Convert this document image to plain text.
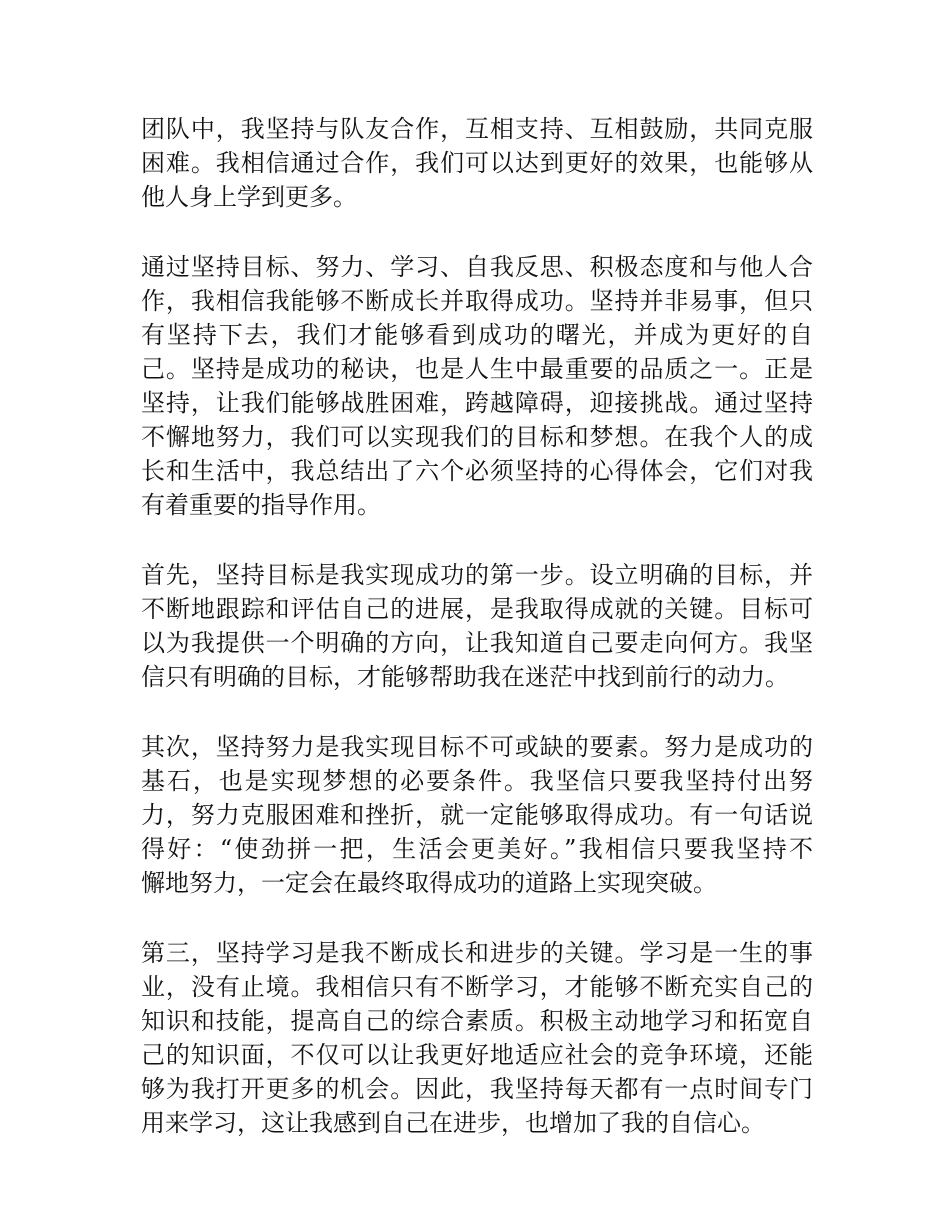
团队中，我坚持与队友合作，互相支持、互相鼓励，共同克服
困难。我相信通过合作，我们可以达到更好的效果，也能够从
他人身上学到更多。

通过坚持目标、努力、学习、自我反思、积极态度和与他人合
作，我相信我能够不断成长并取得成功。坚持并非易事，但只
有坚持下去，我们才能够看到成功的曙光，并成为更好的自
己。坚持是成功的秘诀，也是人生中最重要的品质之一。正是
坚持，让我们能够战胜困难，跨越障碍，迎接挑战。通过坚持
不懈地努力，我们可以实现我们的目标和梦想。在我个人的成
长和生活中，我总结出了六个必须坚持的心得体会，它们对我
有着重要的指导作用。

首先，坚持目标是我实现成功的第一步。设立明确的目标，并
不断地跟踪和评估自己的进展，是我取得成就的关键。目标可
以为我提供一个明确的方向，让我知道自己要走向何方。我坚
信只有明确的目标，才能够帮助我在迷茫中找到前行的动力。

其次，坚持努力是我实现目标不可或缺的要素。努力是成功的
基石，也是实现梦想的必要条件。我坚信只要我坚持付出努
力，努力克服困难和挫折，就一定能够取得成功。有一句话说
得好：“使劲拼一把，生活会更美好。”我相信只要我坚持不
懈地努力，一定会在最终取得成功的道路上实现突破。

第三，坚持学习是我不断成长和进步的关键。学习是一生的事
业，没有止境。我相信只有不断学习，才能够不断充实自己的
知识和技能，提高自己的综合素质。积极主动地学习和拓宽自
己的知识面，不仅可以让我更好地适应社会的竞争环境，还能
够为我打开更多的机会。因此，我坚持每天都有一点时间专门
用来学习，这让我感到自己在进步，也增加了我的自信心。
